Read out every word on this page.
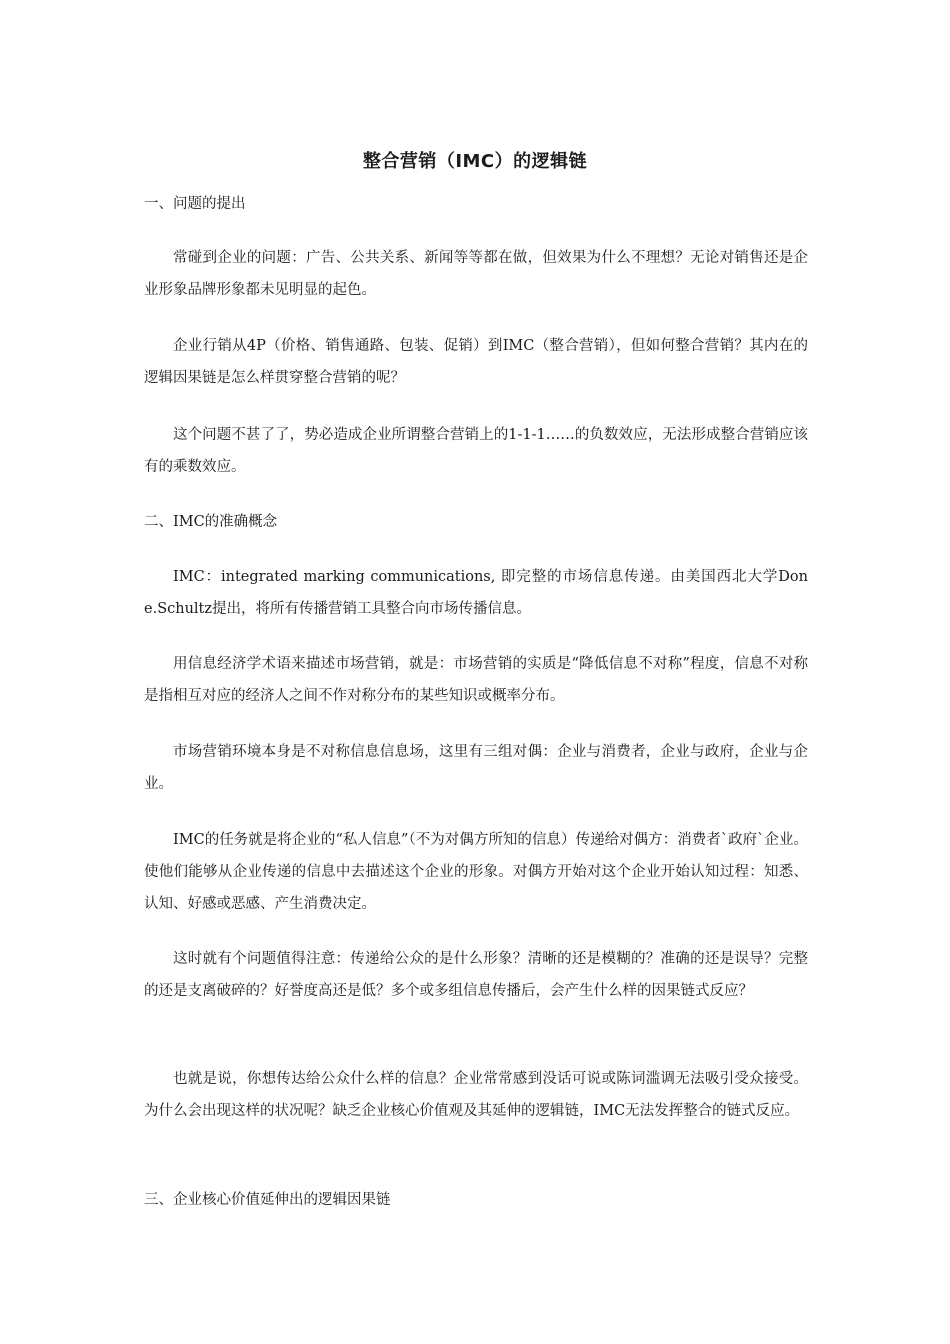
整合营销（IMC）的逻辑链

一、问题的提出

常碰到企业的问题：广告、公共关系、新闻等等都在做，但效果为什么不理想？无论对销售还是企业形象品牌形象都未见明显的起色。

企业行销从4P（价格、销售通路、包装、促销）到IMC（整合营销），但如何整合营销？其内在的逻辑因果链是怎么样贯穿整合营销的呢？

这个问题不甚了了，势必造成企业所谓整合营销上的1-1-1……的负数效应，无法形成整合营销应该有的乘数效应。

二、IMC的准确概念

IMC：integrated marking communications, 即完整的市场信息传递。由美国西北大学Don e.Schultz提出，将所有传播营销工具整合向市场传播信息。

用信息经济学术语来描述市场营销，就是：市场营销的实质是“降低信息不对称”程度，信息不对称是指相互对应的经济人之间不作对称分布的某些知识或概率分布。

市场营销环境本身是不对称信息信息场，这里有三组对偶：企业与消费者，企业与政府，企业与企业。

IMC的任务就是将企业的“私人信息”（不为对偶方所知的信息）传递给对偶方：消费者`政府`企业。使他们能够从企业传递的信息中去描述这个企业的形象。对偶方开始对这个企业开始认知过程：知悉、认知、好感或恶感、产生消费决定。

这时就有个问题值得注意：传递给公众的是什么形象？清晰的还是模糊的？准确的还是误导？完整的还是支离破碎的？好誉度高还是低？多个或多组信息传播后，会产生什么样的因果链式反应？

也就是说，你想传达给公众什么样的信息？企业常常感到没话可说或陈词滥调无法吸引受众接受。为什么会出现这样的状况呢？缺乏企业核心价值观及其延伸的逻辑链，IMC无法发挥整合的链式反应。

三、企业核心价值延伸出的逻辑因果链
